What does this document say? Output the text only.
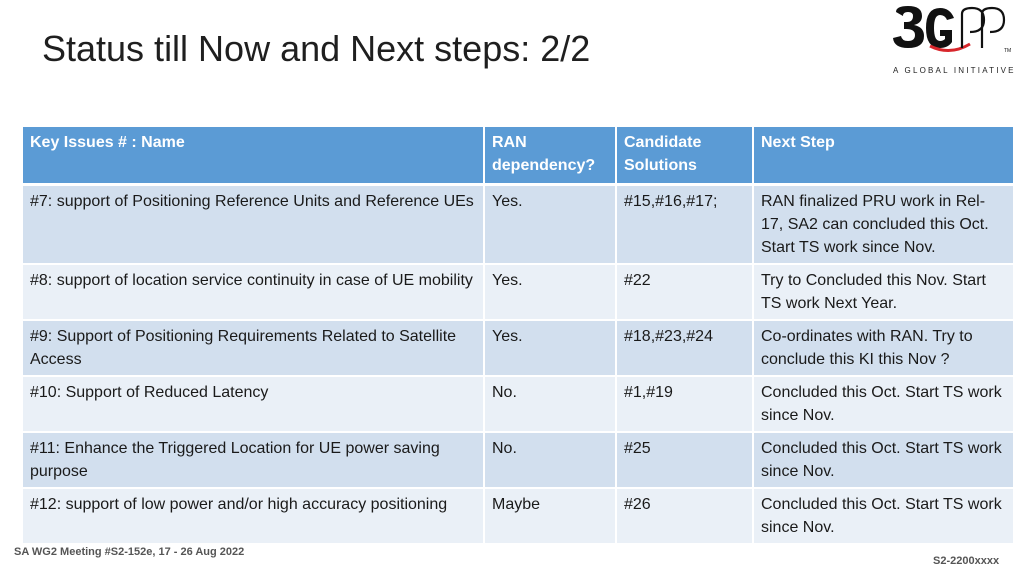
Status till Now and Next steps: 2/2	TM
A GLOBAL INITIATIVE
Key Issues # : Name	RAN dependency?	Candidate Solutions	Next Step
#7: support of Positioning Reference Units and Reference UEs	Yes.	#15,#16,#17;	RAN finalized PRU work in Rel-17, SA2 can concluded this Oct. Start TS work since Nov.
#8: support of location service continuity in case of UE mobility	Yes.	#22	Try to Concluded this Nov. Start TS work Next Year.
#9: Support of Positioning Requirements Related to Satellite Access	Yes.	#18,#23,#24	Co-ordinates with RAN. Try to conclude this KI this Nov ?
#10: Support of Reduced Latency	No.	#1,#19	Concluded this Oct. Start TS work since Nov.
#11: Enhance the Triggered Location for UE power saving purpose	No.	#25	Concluded this Oct. Start TS work since Nov.
#12: support of low power and/or high accuracy positioning	Maybe	#26	Concluded this Oct. Start TS work since Nov.
SA WG2 Meeting #S2-152e, 17 - 26 Aug 2022
S2-2200xxxx
